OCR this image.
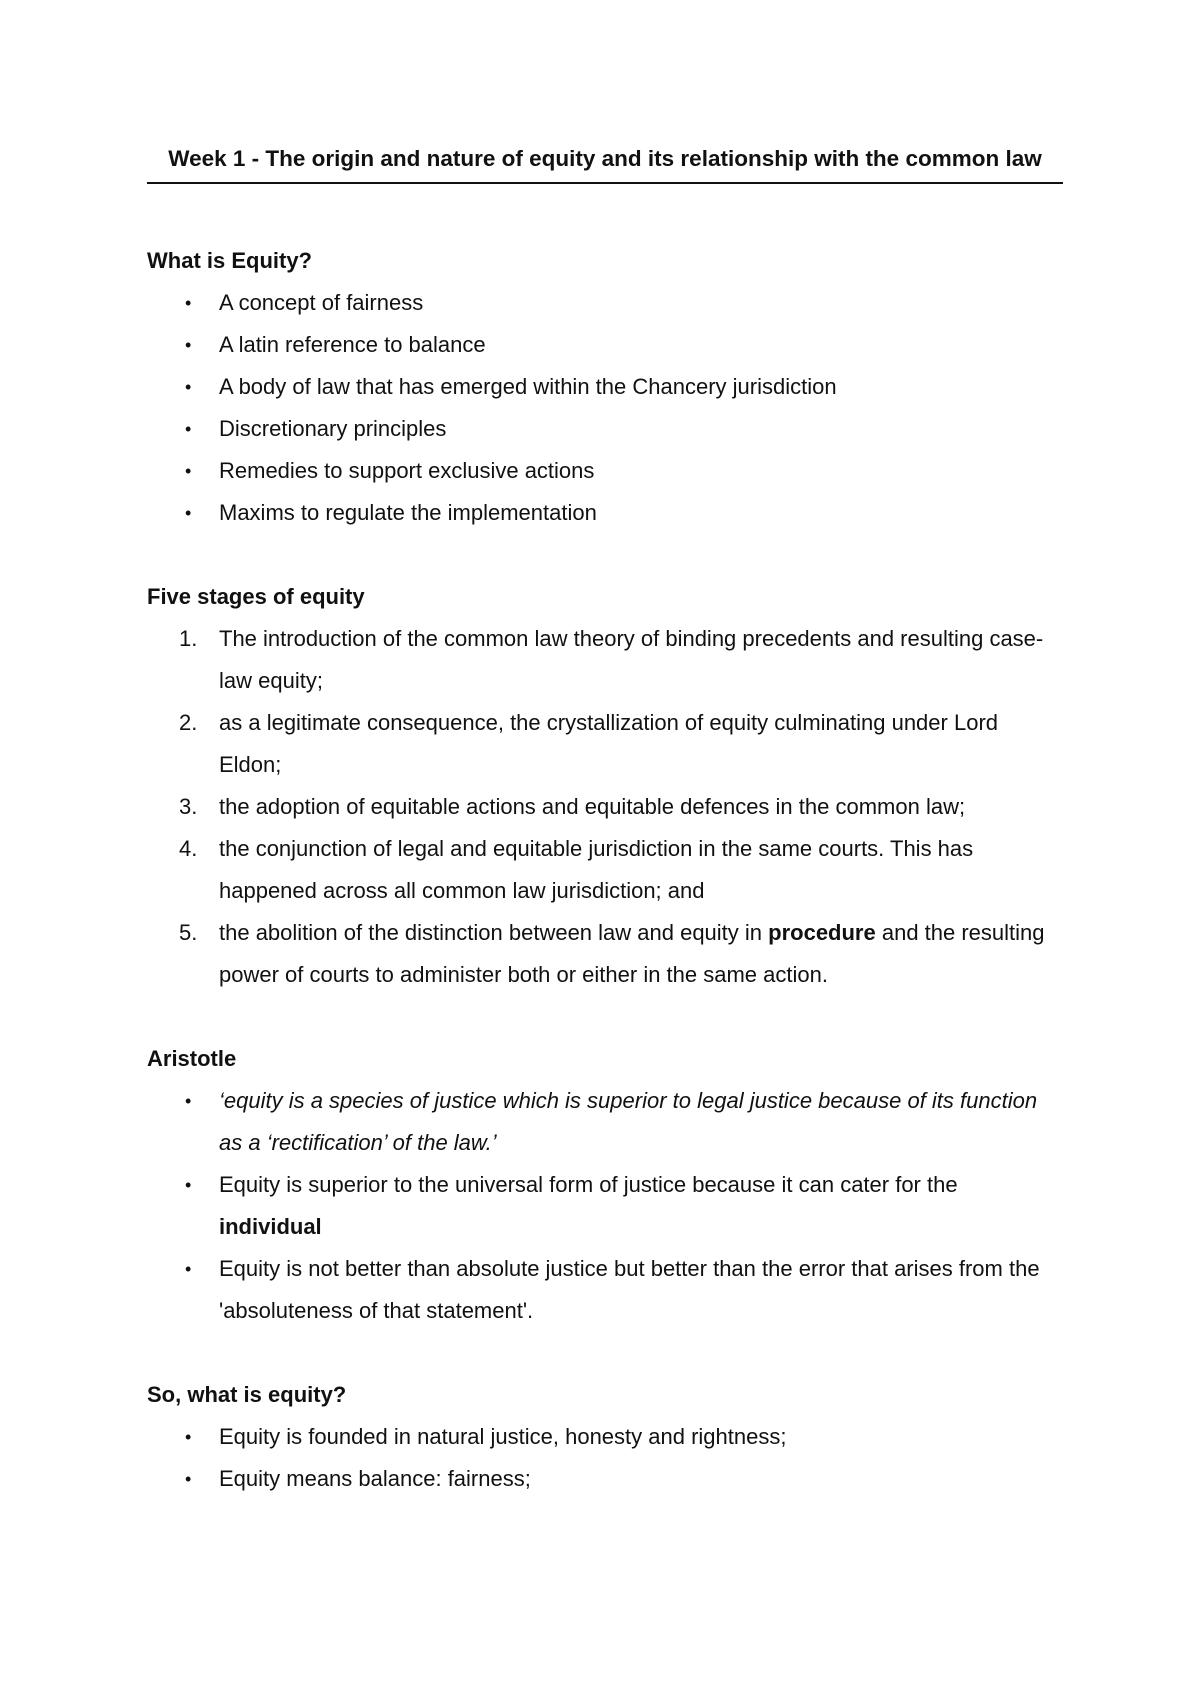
Week 1 - The origin and nature of equity and its relationship with the common law

What is Equity?

•	A concept of fairness
•	A latin reference to balance
•	A body of law that has emerged within the Chancery jurisdiction
•	Discretionary principles
•	Remedies to support exclusive actions
•	Maxims to regulate the implementation

Five stages of equity

1. The introduction of the common law theory of binding precedents and resulting case-law equity;
2. as a legitimate consequence, the crystallization of equity culminating under Lord Eldon;
3. the adoption of equitable actions and equitable defences in the common law;
4. the conjunction of legal and equitable jurisdiction in the same courts. This has happened across all common law jurisdiction; and
5. the abolition of the distinction between law and equity in procedure and the resulting power of courts to administer both or either in the same action.

Aristotle

•	‘equity is a species of justice which is superior to legal justice because of its function as a ‘rectification’ of the law.’
•	Equity is superior to the universal form of justice because it can cater for the individual
•	Equity is not better than absolute justice but better than the error that arises from the 'absoluteness of that statement'.

So, what is equity?

•	Equity is founded in natural justice, honesty and rightness;
•	Equity means balance: fairness;
